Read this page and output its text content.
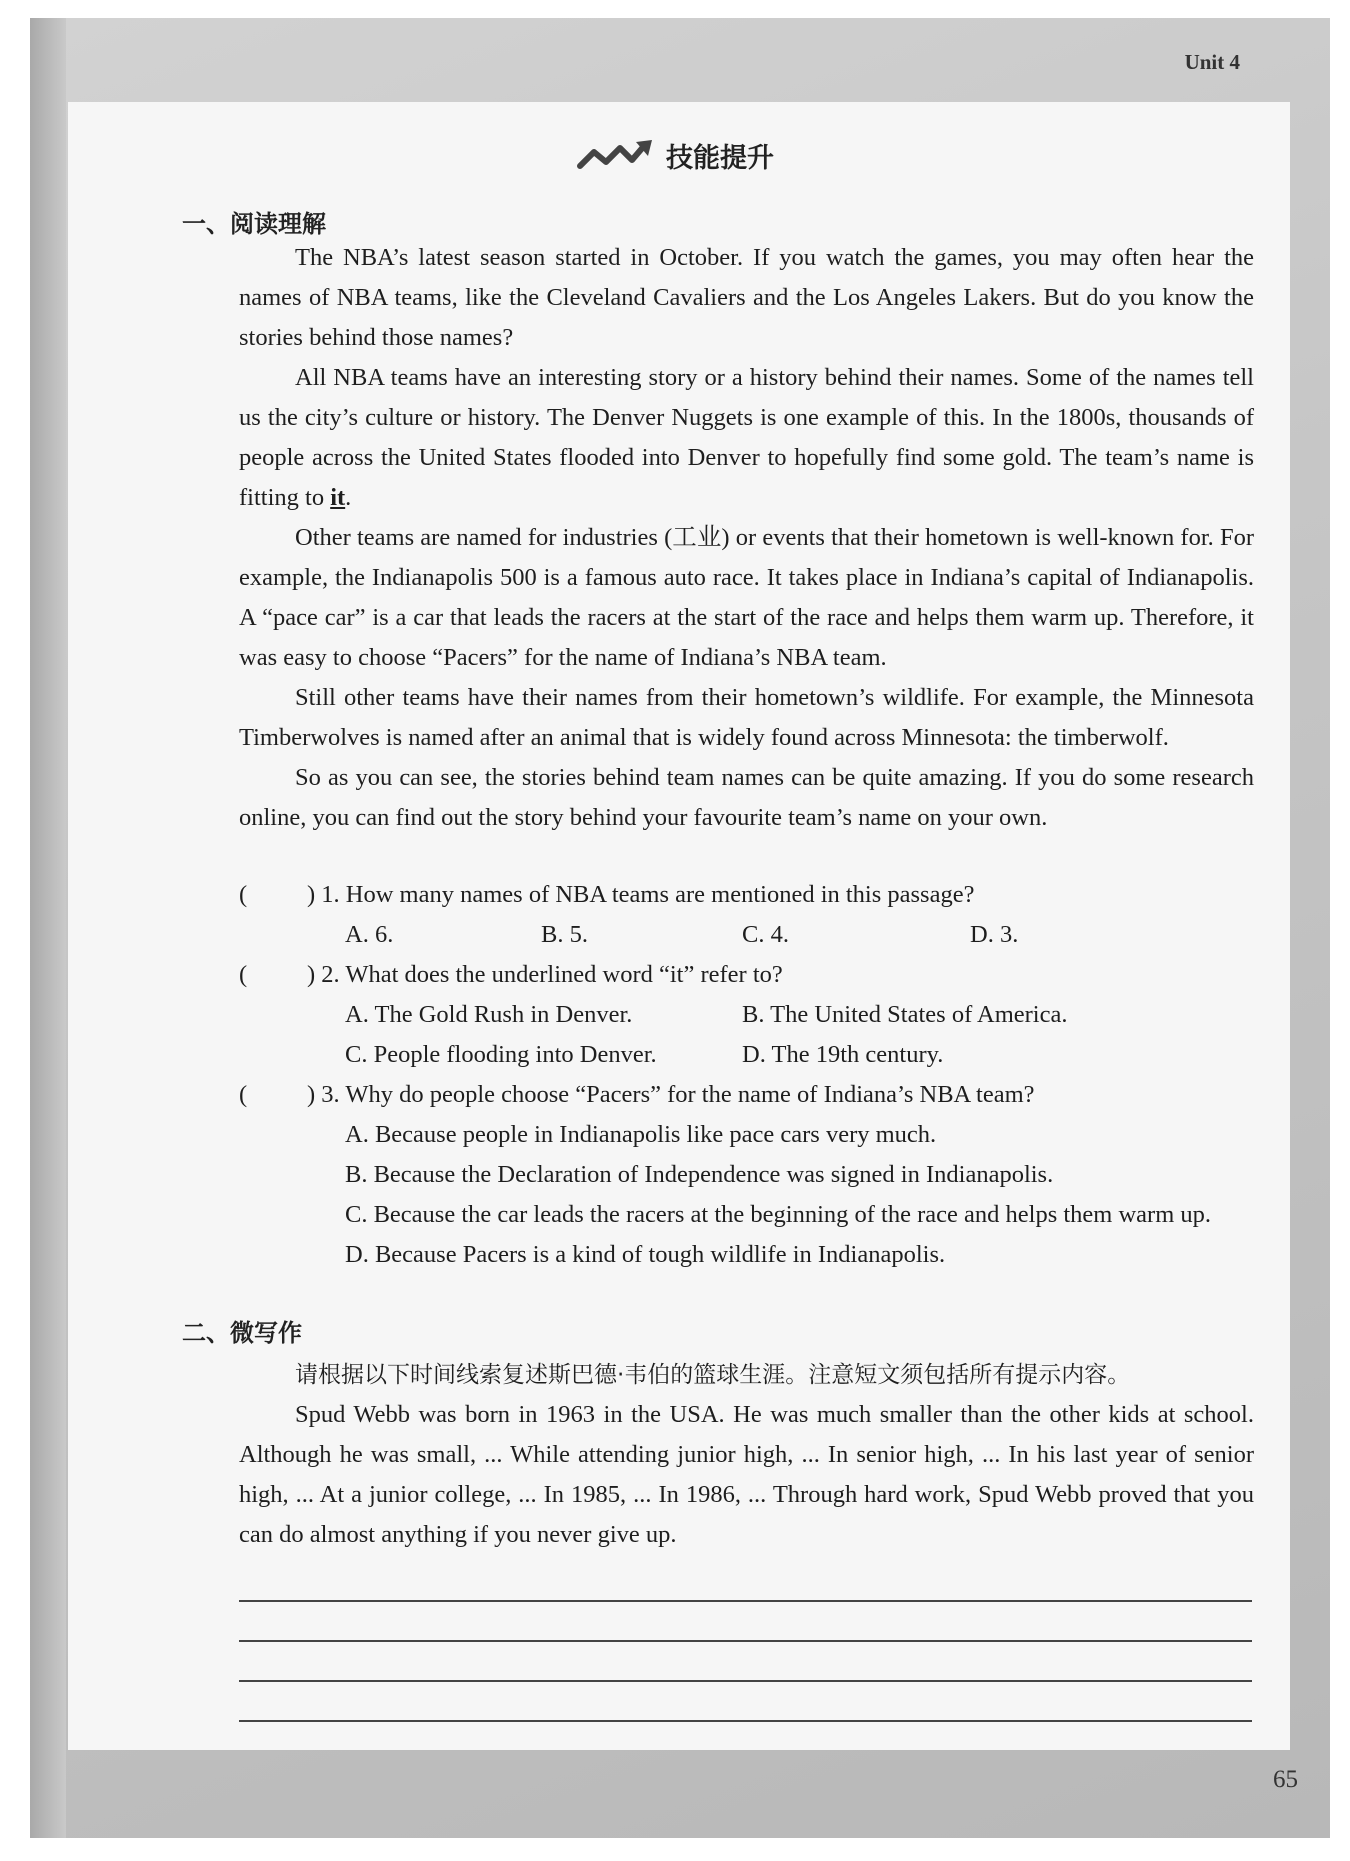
Unit 4
技能提升
一、阅读理解

The NBA’s latest season started in October. If you watch the games, you may often hear the names of NBA teams, like the Cleveland Cavaliers and the Los Angeles Lakers. But do you know the stories behind those names?

All NBA teams have an interesting story or a history behind their names. Some of the names tell us the city’s culture or history. The Denver Nuggets is one example of this. In the 1800s, thousands of people across the United States flooded into Denver to hopefully find some gold. The team’s name is fitting to it.

Other teams are named for industries (工业) or events that their hometown is well-known for. For example, the Indianapolis 500 is a famous auto race. It takes place in Indiana’s capital of Indianapolis. A “pace car” is a car that leads the racers at the start of the race and helps them warm up. Therefore, it was easy to choose “Pacers” for the name of Indiana’s NBA team.

Still other teams have their names from their hometown’s wildlife. For example, the Minnesota Timberwolves is named after an animal that is widely found across Minnesota: the timberwolf.

So as you can see, the stories behind team names can be quite amazing. If you do some research online, you can find out the story behind your favourite team’s name on your own.

( ) 1. How many names of NBA teams are mentioned in this passage?
A. 6.	B. 5.	C. 4.	D. 3.
( ) 2. What does the underlined word “it” refer to?
A. The Gold Rush in Denver.	B. The United States of America.
C. People flooding into Denver.	D. The 19th century.
( ) 3. Why do people choose “Pacers” for the name of Indiana’s NBA team?
A. Because people in Indianapolis like pace cars very much.
B. Because the Declaration of Independence was signed in Indianapolis.
C. Because the car leads the racers at the beginning of the race and helps them warm up.
D. Because Pacers is a kind of tough wildlife in Indianapolis.
二、微写作

请根据以下时间线索复述斯巴德·韦伯的篮球生涯。注意短文须包括所有提示内容。

Spud Webb was born in 1963 in the USA. He was much smaller than the other kids at school. Although he was small, ... While attending junior high, ... In senior high, ... In his last year of senior high, ... At a junior college, ... In 1985, ... In 1986, ... Through hard work, Spud Webb proved that you can do almost anything if you never give up.

65
